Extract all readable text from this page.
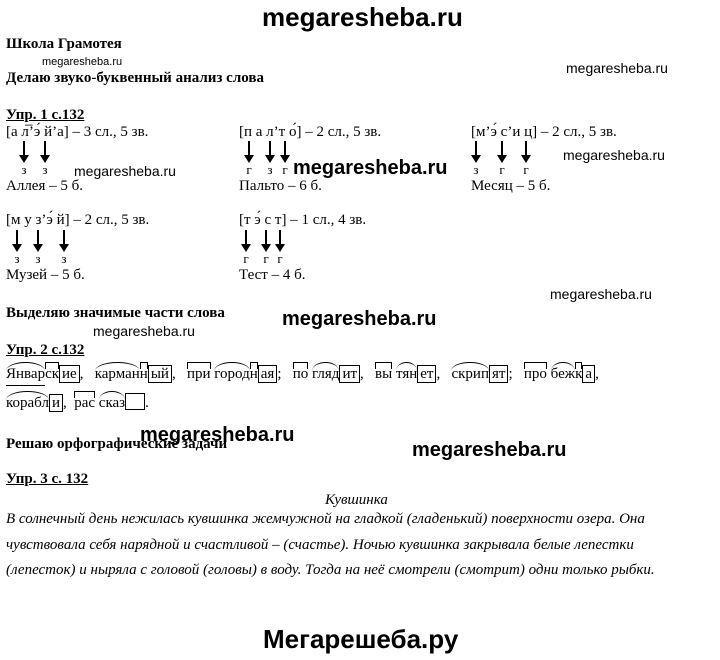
megaresheba.ru
megaresheba.ru	megaresheba.ru
megaresheba.ru
megaresheba.ru	megaresheba.ru
megaresheba.ru
megaresheba.ru
megaresheba.ru
megaresheba.ru
megaresheba.ru
Мегарешеба.ру
Школа Грамотея
Делаю звуко-буквенный анализ слова
Упр. 1 с.132
[а л̅’э́ й’а] – 3 сл., 5 зв.
з	з
Аллея – 5 б.
[п а л’т о́] – 2 сл., 5 зв.
г	з г
Пальто – 6 б.
[м’э́ с’и ц] – 2 сл., 5 зв.
з	г	г
Месяц – 5 б.
[м у з’э́ й] – 2 сл., 5 зв.
з	з	з
Музей – 5 б.
[т э́ с т] – 1 сл., 4 зв.
г	г г
Тест – 4 б.
Выделяю значимые части слова
Упр. 2 с.132
Январск ие , карманн ый , при городн ая ; по гляд ит , вы тян ет , скрип ят ; про бежк а ,
корабл и , рас сказ .
Решаю орфографические задачи
Упр. 3 с. 132
Кувшинка
В солнечный день нежилась кувшинка жемчужной на гладкой (гладенький) поверхности озера. Она
чувствовала себя нарядной и счастливой – (счастье). Ночью кувшинка закрывала белые лепестки
(лепесток) и ныряла с головой (головы) в воду. Тогда на неё смотрели (смотрит) одни только рыбки.
